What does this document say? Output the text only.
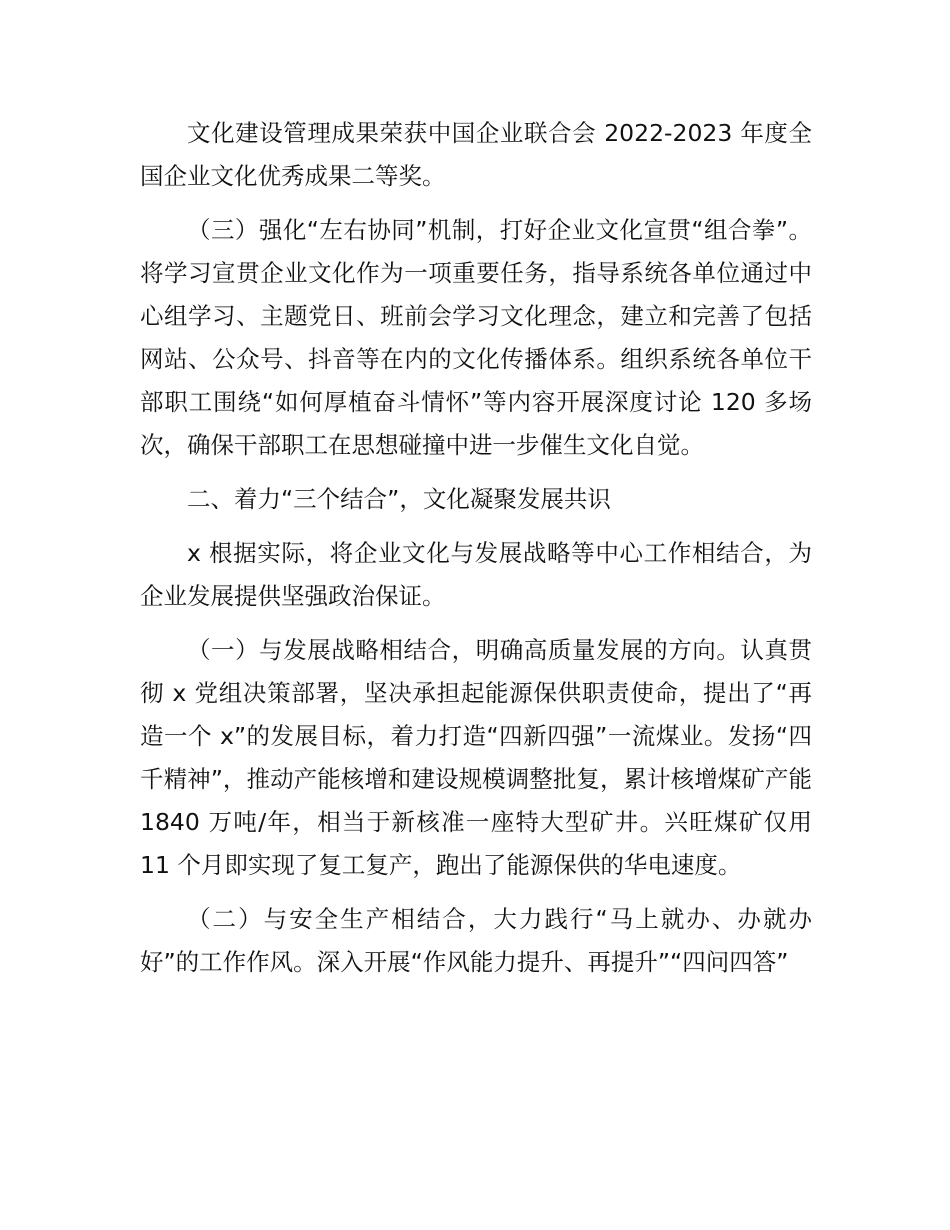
文化建设管理成果荣获中国企业联合会 2022-2023 年度全国企业文化优秀成果二等奖。

（三）强化“左右协同”机制，打好企业文化宣贯“组合拳”。将学习宣贯企业文化作为一项重要任务，指导系统各单位通过中心组学习、主题党日、班前会学习文化理念，建立和完善了包括网站、公众号、抖音等在内的文化传播体系。组织系统各单位干部职工围绕“如何厚植奋斗情怀”等内容开展深度讨论 120 多场次，确保干部职工在思想碰撞中进一步催生文化自觉。

二、着力“三个结合”，文化凝聚发展共识

x 根据实际，将企业文化与发展战略等中心工作相结合，为企业发展提供坚强政治保证。

（一）与发展战略相结合，明确高质量发展的方向。认真贯彻 x 党组决策部署，坚决承担起能源保供职责使命，提出了“再造一个 x”的发展目标，着力打造“四新四强”一流煤业。发扬“四千精神”，推动产能核增和建设规模调整批复，累计核增煤矿产能 1840 万吨/年，相当于新核准一座特大型矿井。兴旺煤矿仅用 11 个月即实现了复工复产，跑出了能源保供的华电速度。

（二）与安全生产相结合，大力践行“马上就办、办就办好”的工作作风。深入开展“作风能力提升、再提升”“四问四答”
